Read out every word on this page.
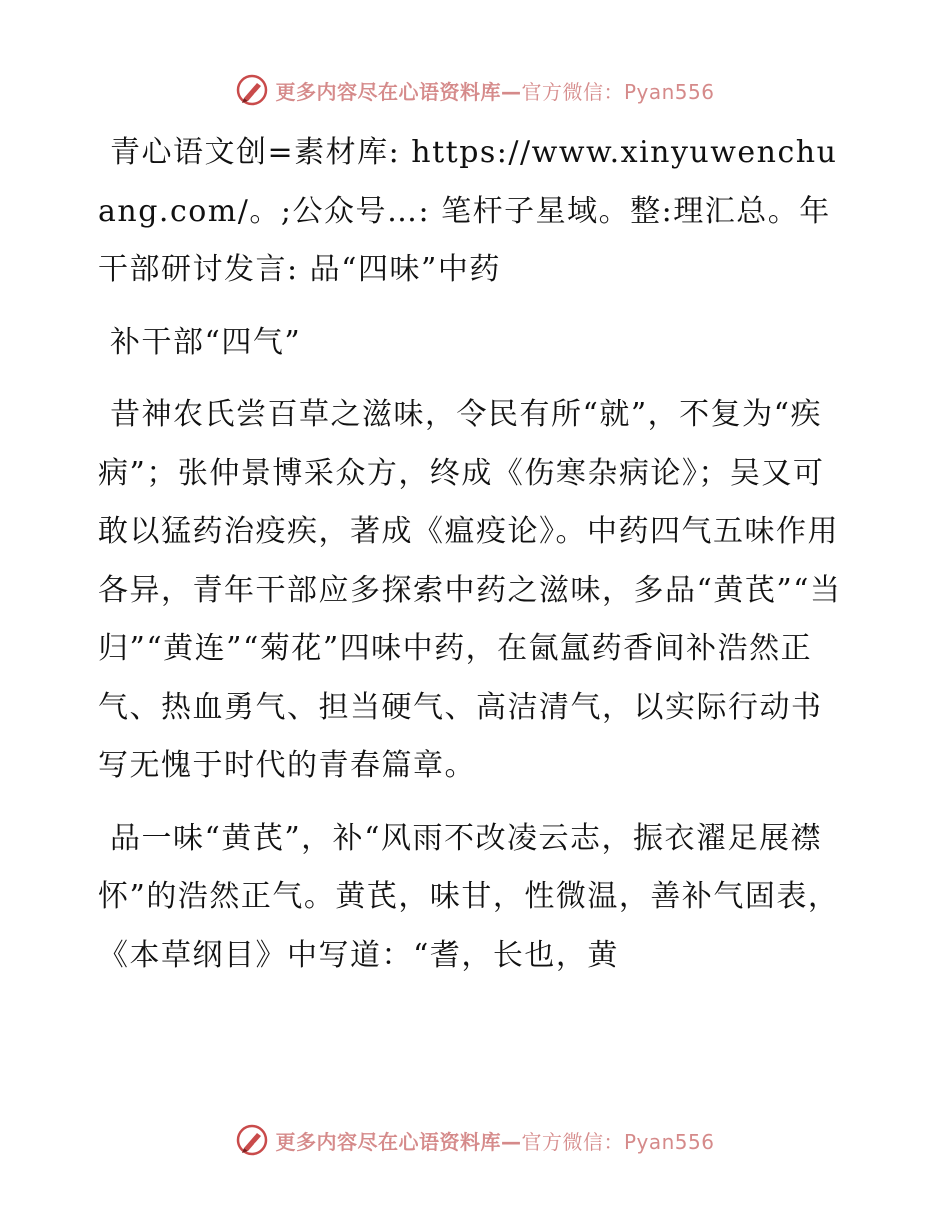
更多内容尽在心语资料库—官方微信：Pyan556

青心语文创=素材库: https://www.xinyuwenchuang.com/。;公众号…: 笔杆子星域。整:理汇总。年干部研讨发言: 品“四味”中药

补干部“四气”

昔神农氏尝百草之滋味，令民有所“就”，不复为“疾病”；张仲景博采众方，终成《伤寒杂病论》；吴又可敢以猛药治疫疾，著成《瘟疫论》。中药四气五味作用各异，青年干部应多探索中药之滋味，多品“黄芪”“当归”“黄连”“菊花”四味中药，在氤氲药香间补浩然正气、热血勇气、担当硬气、高洁清气，以实际行动书写无愧于时代的青春篇章。

品一味“黄芪”，补“风雨不改凌云志，振衣濯足展襟怀”的浩然正气。黄芪，味甘，性微温，善补气固表，《本草纲目》中写道：“耆，长也，黄

更多内容尽在心语资料库—官方微信：Pyan556
